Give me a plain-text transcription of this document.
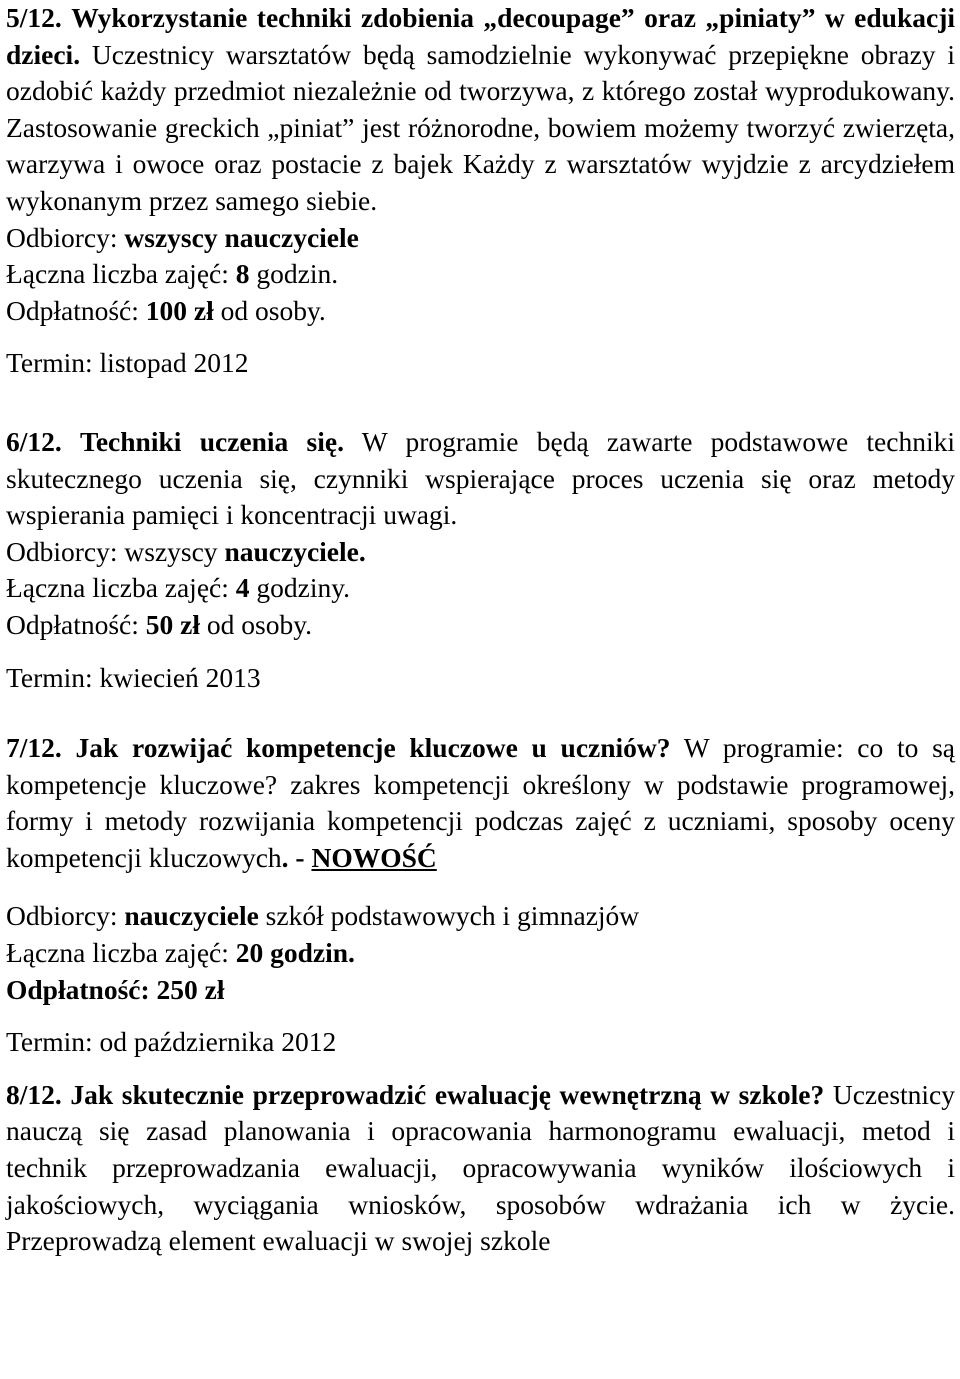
5/12. Wykorzystanie techniki zdobienia „decoupage” oraz „piniaty” w edukacji dzieci. Uczestnicy warsztatów będą samodzielnie wykonywać przepiękne obrazy i ozdobić każdy przedmiot niezależnie od tworzywa, z którego został wyprodukowany. Zastosowanie greckich „piniat” jest różnorodne, bowiem możemy tworzyć zwierzęta, warzywa i owoce oraz postacie z bajek Każdy z warsztatów wyjdzie z arcydziełem wykonanym przez samego siebie.

Odbiorcy: wszyscy nauczyciele

Łączna liczba zajęć: 8 godzin.

Odpłatność: 100 zł od osoby.

Termin: listopad 2012

6/12. Techniki uczenia się. W programie będą zawarte podstawowe techniki skutecznego uczenia się, czynniki wspierające proces uczenia się oraz metody wspierania pamięci i koncentracji uwagi.

Odbiorcy: wszyscy nauczyciele.

Łączna liczba zajęć: 4 godziny.

Odpłatność: 50 zł od osoby.

Termin: kwiecień 2013

7/12. Jak rozwijać kompetencje kluczowe u uczniów? W programie: co to są kompetencje kluczowe? zakres kompetencji określony w podstawie programowej, formy i metody rozwijania kompetencji podczas zajęć z uczniami, sposoby oceny kompetencji kluczowych. - NOWOŚĆ

Odbiorcy: nauczyciele szkół podstawowych i gimnazjów

Łączna liczba zajęć: 20 godzin.

Odpłatność: 250 zł

Termin: od października 2012

8/12. Jak skutecznie przeprowadzić ewaluację wewnętrzną w szkole? Uczestnicy nauczą się zasad planowania i opracowania harmonogramu ewaluacji, metod i technik przeprowadzania ewaluacji, opracowywania wyników ilościowych i jakościowych, wyciągania wniosków, sposobów wdrażania ich w życie. Przeprowadzą element ewaluacji w swojej szkole
